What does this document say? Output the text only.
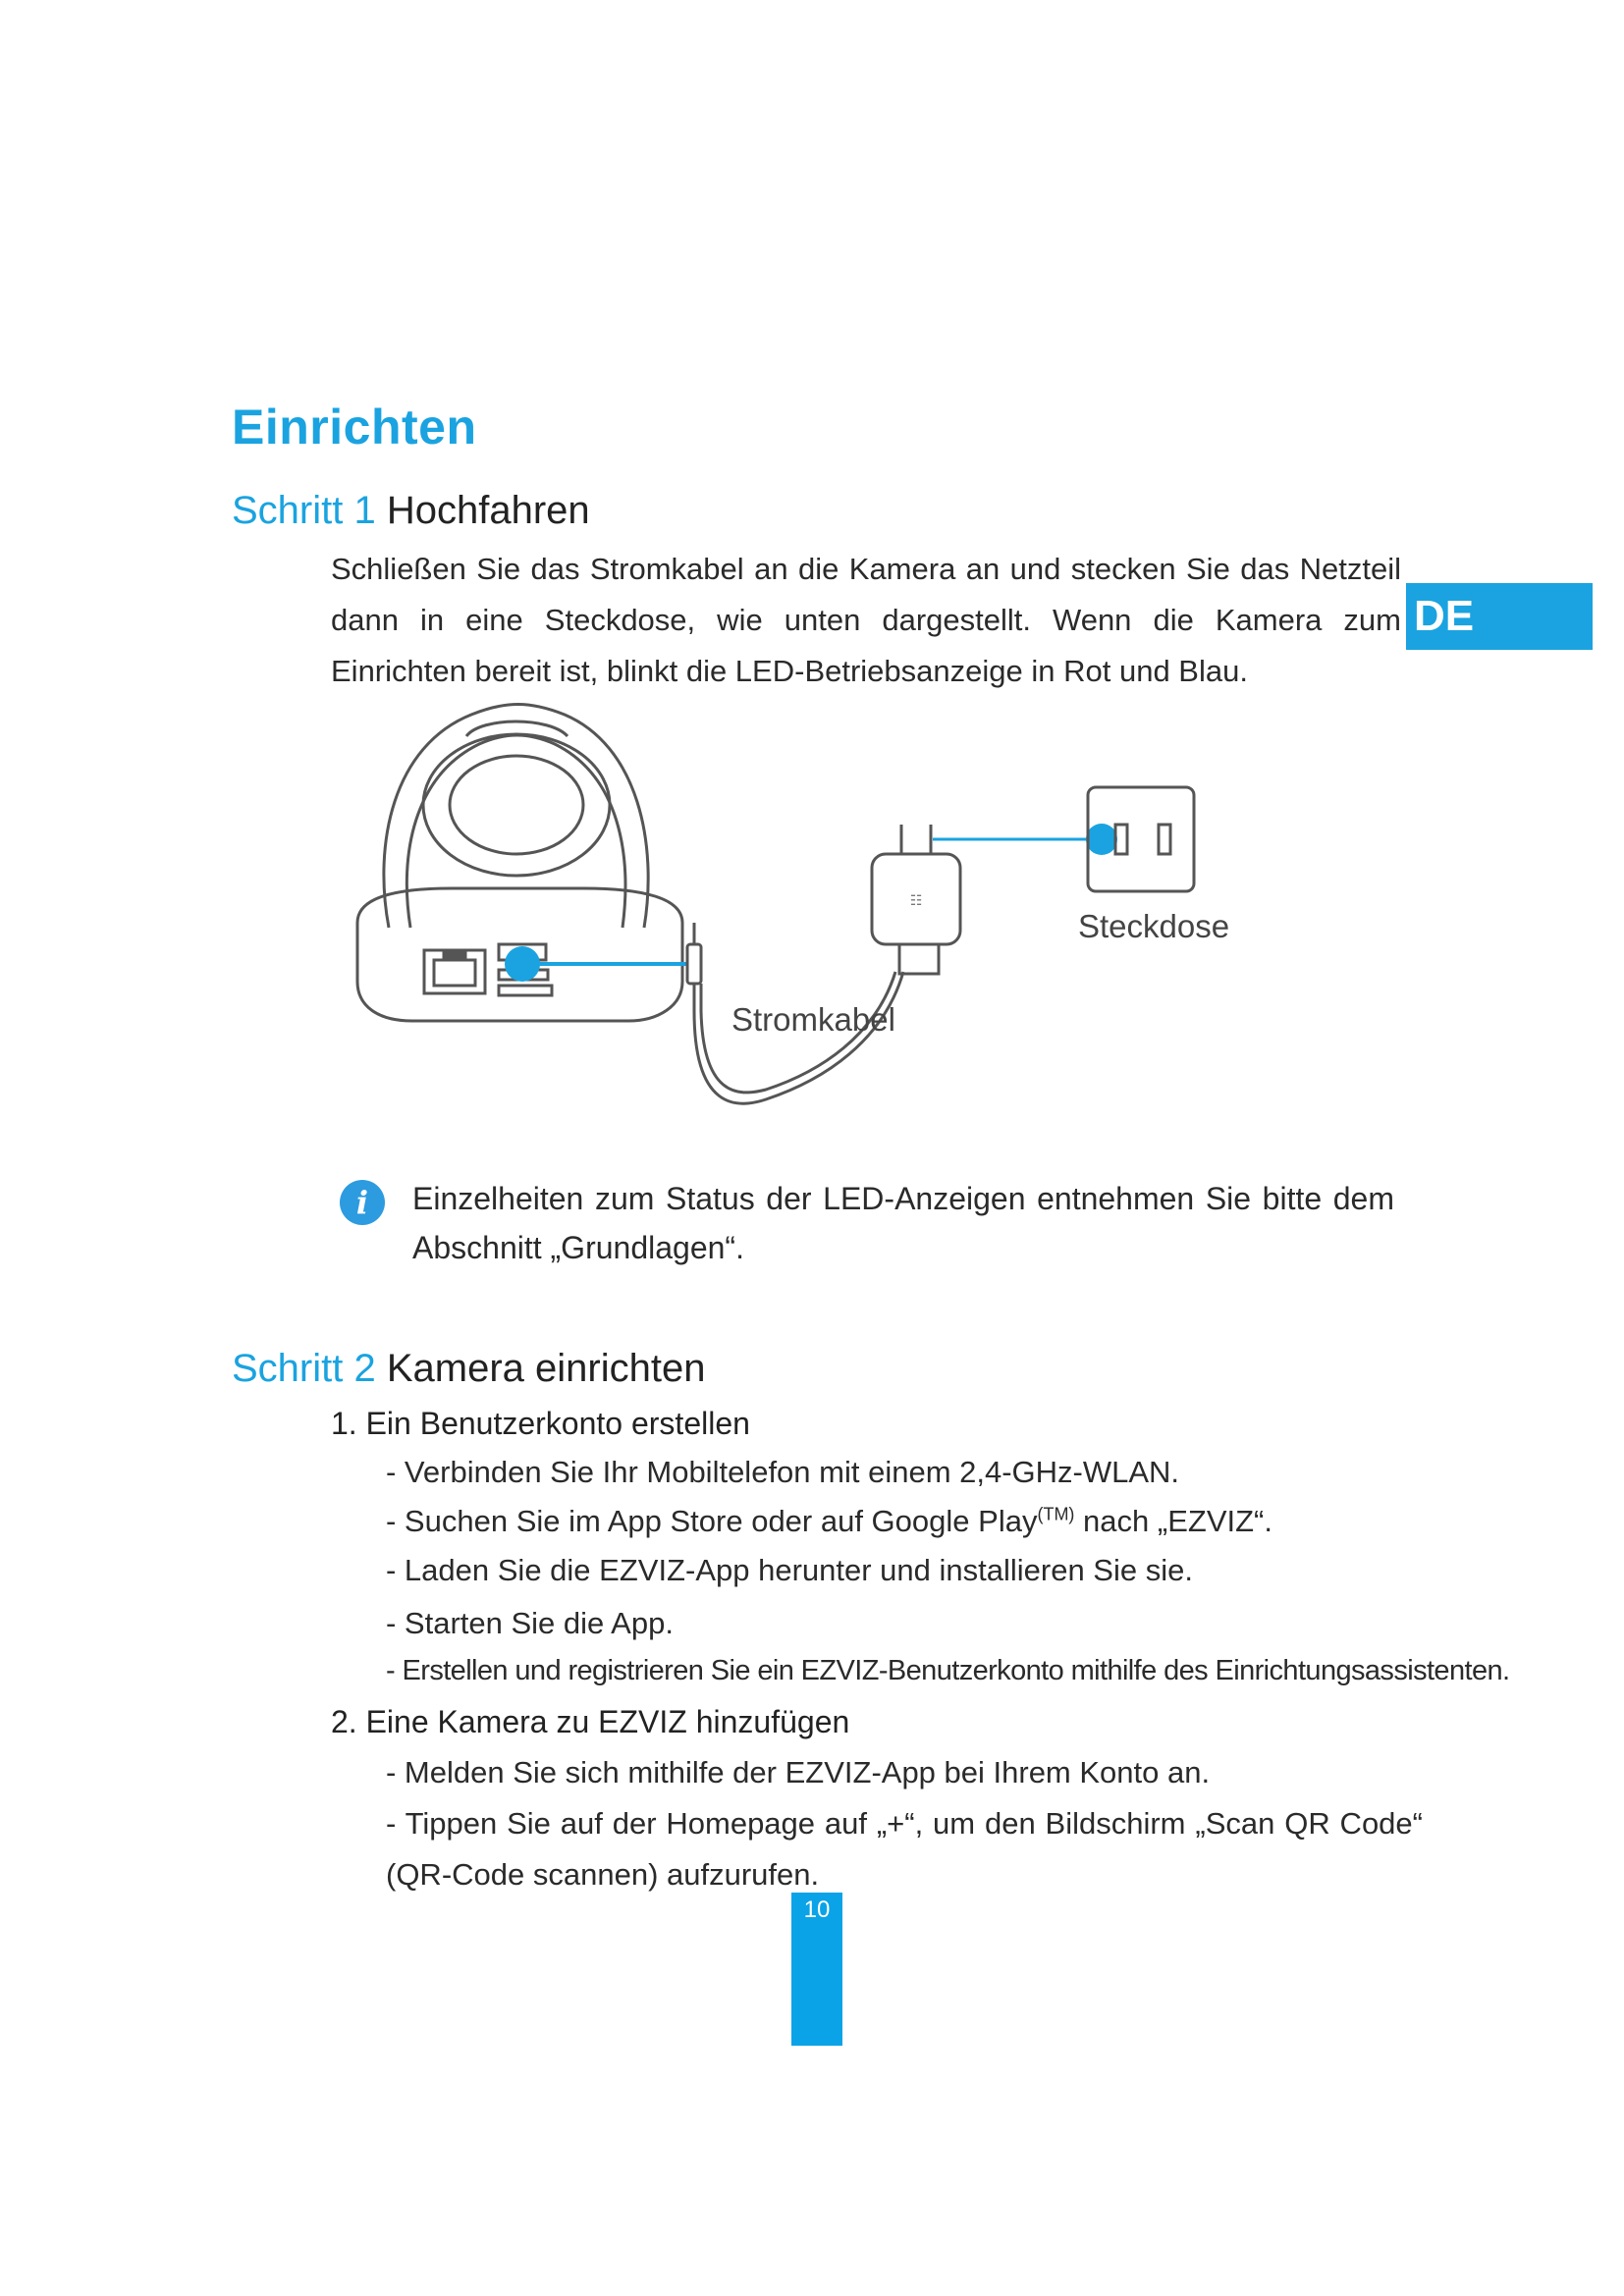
Einrichten
Schritt 1 Hochfahren
Schließen Sie das Stromkabel an die Kamera an und stecken Sie das Netzteil dann in eine Steckdose, wie unten dargestellt. Wenn die Kamera zum Einrichten bereit ist, blinkt die LED-Betriebsanzeige in Rot und Blau.
DE
☷
Steckdose
Stromkabel
i	Einzelheiten zum Status der LED-Anzeigen entnehmen Sie bitte dem Abschnitt „Grundlagen“.
Schritt 2 Kamera einrichten
1. Ein Benutzerkonto erstellen
- Verbinden Sie Ihr Mobiltelefon mit einem 2,4-GHz-WLAN.
- Suchen Sie im App Store oder auf Google Play$^{(TM)}$ nach „EZVIZ“.
- Laden Sie die EZVIZ-App herunter und installieren Sie sie.
- Starten Sie die App.
- Erstellen und registrieren Sie ein EZVIZ-Benutzerkonto mithilfe des Einrichtungsassistenten.
2. Eine Kamera zu EZVIZ hinzufügen
- Melden Sie sich mithilfe der EZVIZ-App bei Ihrem Konto an.
- Tippen Sie auf der Homepage auf „+“, um den Bildschirm „Scan QR Code“ (QR-Code scannen) aufzurufen.
10
